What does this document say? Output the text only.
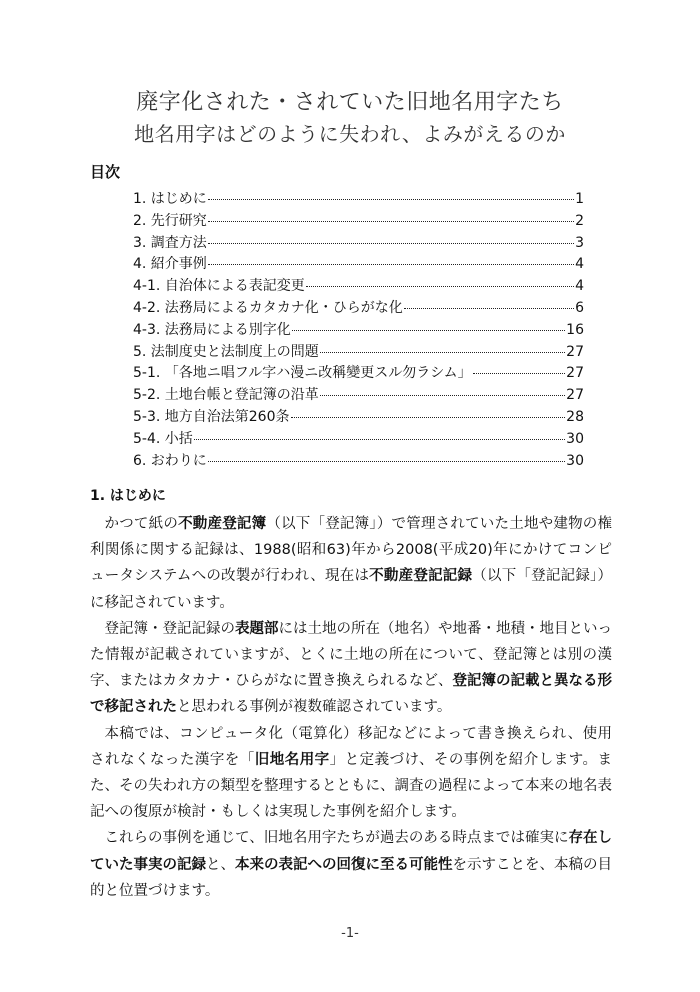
廃字化された・されていた旧地名用字たち
地名用字はどのように失われ、よみがえるのか
目次
1. はじめに	1
2. 先行研究	2
3. 調査方法	3
4. 紹介事例	4
4-1. 自治体による表記変更	4
4-2. 法務局によるカタカナ化・ひらがな化	6
4-3. 法務局による別字化	16
5. 法制度史と法制度上の問題	27
5-1. 「各地ニ唱フル字ハ漫ニ改稱變更スル勿ラシム」	27
5-2. 土地台帳と登記簿の沿革	27
5-3. 地方自治法第260条	28
5-4. 小括	30
6. おわりに	30
1. はじめに

かつて紙の不動産登記簿（以下「登記簿」）で管理されていた土地や建物の権利関係に関する記録は、1988(昭和63)年から2008(平成20)年にかけてコンピュータシステムへの改製が行われ、現在は不動産登記記録（以下「登記記録」）に移記されています。

登記簿・登記記録の表題部には土地の所在（地名）や地番・地積・地目といった情報が記載されていますが、とくに土地の所在について、登記簿とは別の漢字、またはカタカナ・ひらがなに置き換えられるなど、登記簿の記載と異なる形で移記されたと思われる事例が複数確認されています。

本稿では、コンピュータ化（電算化）移記などによって書き換えられ、使用されなくなった漢字を「旧地名用字」と定義づけ、その事例を紹介します。また、その失われ方の類型を整理するとともに、調査の過程によって本来の地名表記への復原が検討・もしくは実現した事例を紹介します。

これらの事例を通じて、旧地名用字たちが過去のある時点までは確実に存在していた事実の記録と、本来の表記への回復に至る可能性を示すことを、本稿の目的と位置づけます。

-1-
